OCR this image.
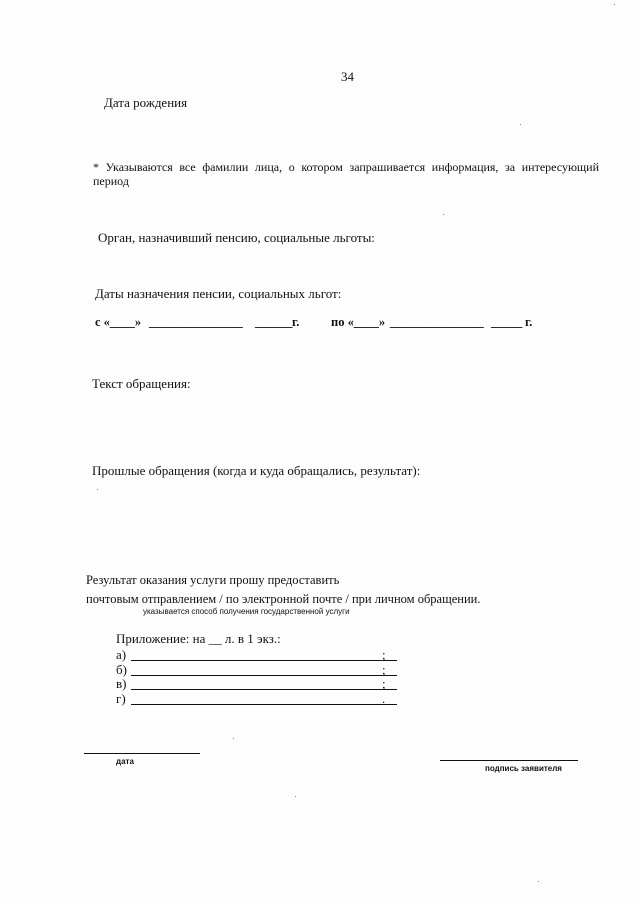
34
Дата рождения
* Указываются все фамилии лица, о котором запрашивается информация, за интересующий период
Орган, назначивший пенсию, социальные льготы:
Даты назначения пенсии, социальных льгот:
с «____» _______________ ______ г.	по «____» _______________ _____ г.
Текст обращения:
Прошлые обращения (когда и куда обращались, результат):
Результат оказания услуги прошу предоставить
почтовым отправлением / по электронной почте / при личном обращении.
указывается способ получения государственной услуги
Приложение: на __ л. в 1 экз.:
а)	;
б)	;
в)	;
г)	.
дата
подпись заявителя
